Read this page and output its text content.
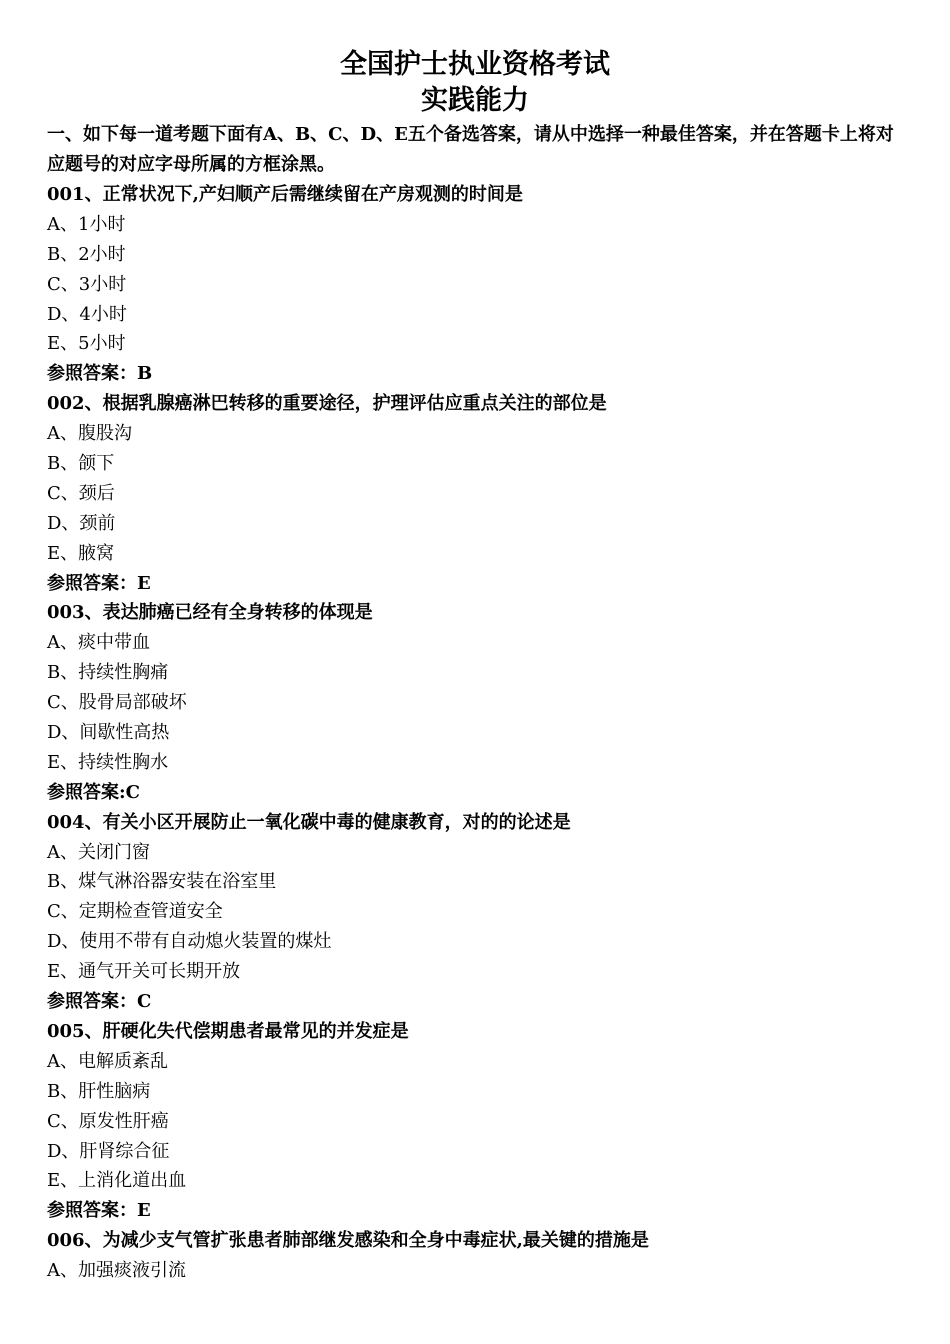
全国护士执业资格考试
实践能力

一、如下每一道考题下面有A、B、C、D、E五个备选答案，请从中选择一种最佳答案，并在答题卡上将对应题号的对应字母所属的方框涂黑。

001、正常状况下,产妇顺产后需继续留在产房观测的时间是
A、1小时
B、2小时
C、3小时
D、4小时
E、5小时
参照答案：B
002、根据乳腺癌淋巴转移的重要途径，护理评估应重点关注的部位是
A、腹股沟
B、颌下
C、颈后
D、颈前
E、腋窝
参照答案：E
003、表达肺癌已经有全身转移的体现是
A、痰中带血
B、持续性胸痛
C、股骨局部破坏
D、间歇性高热
E、持续性胸水
参照答案:C
004、有关小区开展防止一氧化碳中毒的健康教育，对的的论述是
A、关闭门窗
B、煤气淋浴器安装在浴室里
C、定期检查管道安全
D、使用不带有自动熄火装置的煤灶
E、通气开关可长期开放
参照答案：C
005、肝硬化失代偿期患者最常见的并发症是
A、电解质紊乱
B、肝性脑病
C、原发性肝癌
D、肝肾综合征
E、上消化道出血
参照答案：E
006、为减少支气管扩张患者肺部继发感染和全身中毒症状,最关键的措施是
A、加强痰液引流
